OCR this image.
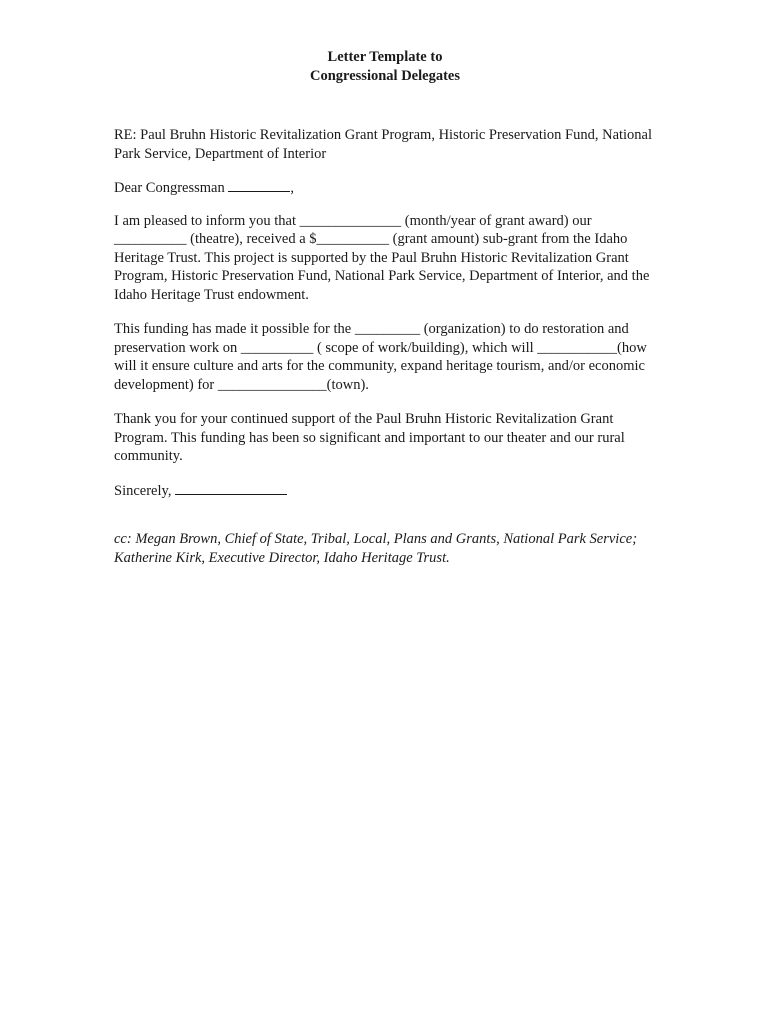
Letter Template to
Congressional Delegates

RE: Paul Bruhn Historic Revitalization Grant Program, Historic Preservation Fund, National Park Service, Department of Interior

Dear Congressman	,

I am pleased to inform you that ______________ (month/year of grant award) our __________ (theatre), received a $__________ (grant amount) sub-grant from the Idaho Heritage Trust. This project is supported by the Paul Bruhn Historic Revitalization Grant Program, Historic Preservation Fund, National Park Service, Department of Interior, and the Idaho Heritage Trust endowment.

This funding has made it possible for the _________ (organization) to do restoration and preservation work on __________ ( scope of work/building), which will ___________(how will it ensure culture and arts for the community, expand heritage tourism, and/or economic development) for _______________(town).

Thank you for your continued support of the Paul Bruhn Historic Revitalization Grant Program. This funding has been so significant and important to our theater and our rural community.

Sincerely,

cc: Megan Brown, Chief of State, Tribal, Local, Plans and Grants, National Park Service; Katherine Kirk, Executive Director, Idaho Heritage Trust.
